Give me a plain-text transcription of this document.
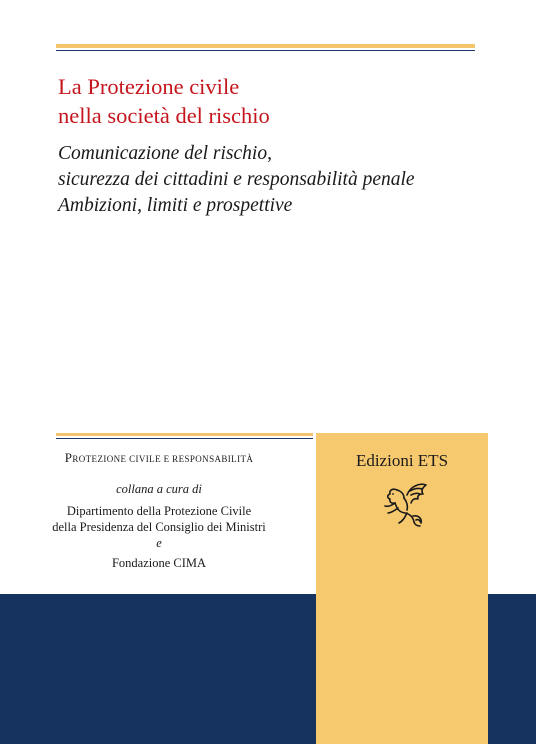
La Protezione civile
nella società del rischio
Comunicazione del rischio,
sicurezza dei cittadini e responsabilità penale
Ambizioni, limiti e prospettive

PROTEZIONE CIVILE E RESPONSABILITÀ

collana a cura di
Dipartimento della Protezione Civile
della Presidenza del Consiglio dei Ministri
e
Fondazione CIMA

Edizioni ETS
